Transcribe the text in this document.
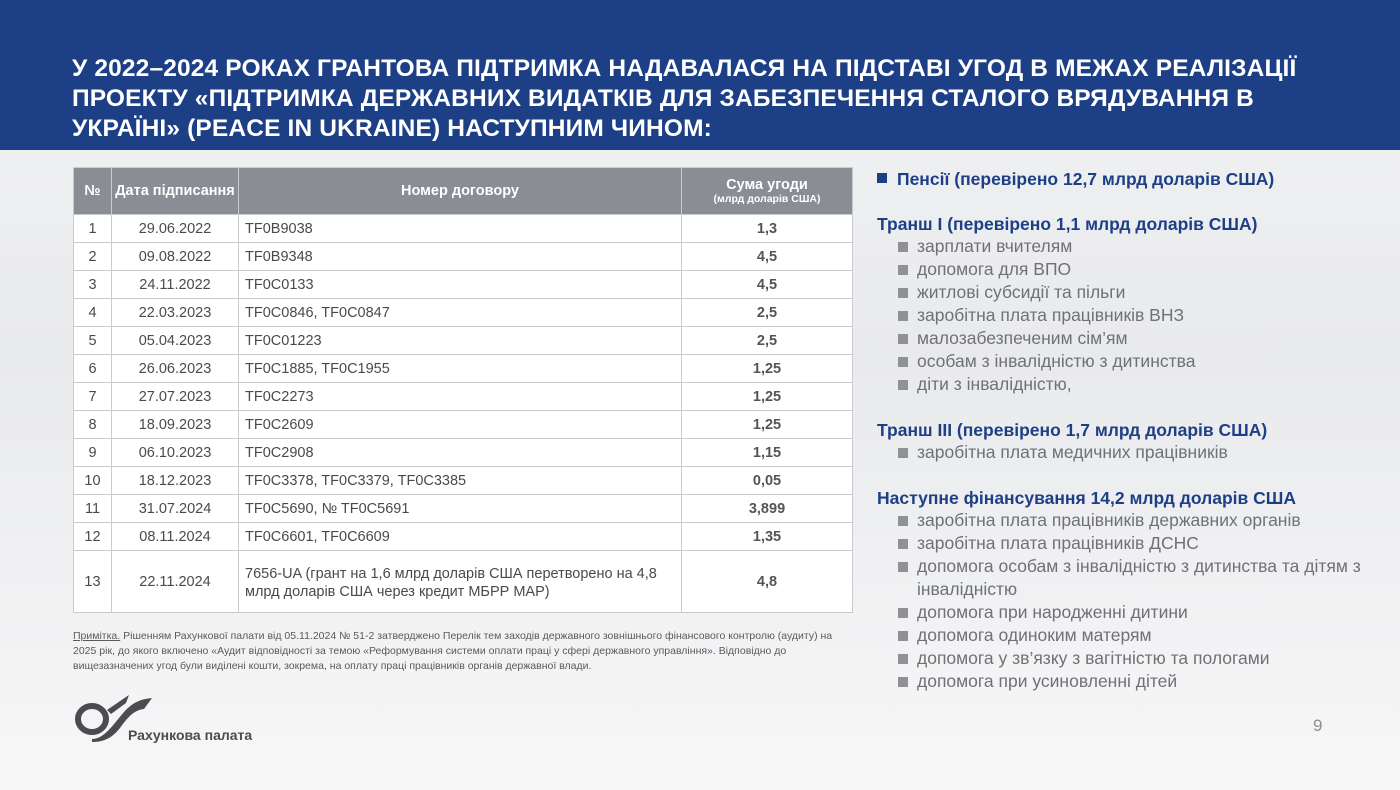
У 2022–2024 РОКАХ ГРАНТОВА ПІДТРИМКА НАДАВАЛАСЯ НА ПІДСТАВІ УГОД В МЕЖАХ РЕАЛІЗАЦІЇ ПРОЕКТУ «ПІДТРИМКА ДЕРЖАВНИХ ВИДАТКІВ ДЛЯ ЗАБЕЗПЕЧЕННЯ СТАЛОГО ВРЯДУВАННЯ В УКРАЇНІ» (PEACE IN UKRAINE) НАСТУПНИМ ЧИНОМ:
№	Дата підписання	Номер договору	Сума угоди
(млрд доларів США)

1	29.06.2022	TF0B9038	1,3
2	09.08.2022	TF0B9348	4,5
3	24.11.2022	TF0C0133	4,5
4	22.03.2023	TF0C0846, TF0C0847	2,5
5	05.04.2023	TF0C01223	2,5
6	26.06.2023	TF0C1885, TF0C1955	1,25
7	27.07.2023	TF0C2273	1,25
8	18.09.2023	TF0C2609	1,25
9	06.10.2023	TF0C2908	1,15
10	18.12.2023	TF0C3378, TF0C3379, TF0C3385	0,05
11	31.07.2024	TF0C5690, № TF0C5691	3,899
12	08.11.2024	TF0C6601, TF0C6609	1,35
13	22.11.2024	7656-UA (грант на 1,6 млрд доларів США перетворено на 4,8 млрд доларів США через кредит МБРР MAP)	4,8
Примітка. Рішенням Рахункової палати від 05.11.2024 № 51-2 затверджено Перелік тем заходів державного зовнішнього фінансового контролю (аудиту) на 2025 рік, до якого включено «Аудит відповідності за темою «Реформування системи оплати праці у сфері державного управління». Відповідно до вищезазначених угод були виділені кошти, зокрема, на оплату праці працівників органів державної влади.
Рахункова палата
Пенсії (перевірено 12,7 млрд доларів США)
Транш І (перевірено 1,1 млрд доларів США)
зарплати вчителям
допомога для ВПО
житлові субсидії та пільги
заробітна плата працівників ВНЗ
малозабезпеченим сім’ям
особам з інвалідністю з дитинства
діти з інвалідністю,
Транш ІІІ (перевірено 1,7 млрд доларів США)
заробітна плата медичних працівників
Наступне фінансування 14,2 млрд доларів США
заробітна плата працівників державних органів
заробітна плата працівників ДСНС
допомога особам з інвалідністю з дитинства та дітям з інвалідністю
допомога при народженні дитини
допомога одиноким матерям
допомога у зв’язку з вагітністю та пологами
допомога при усиновленні дітей
9
